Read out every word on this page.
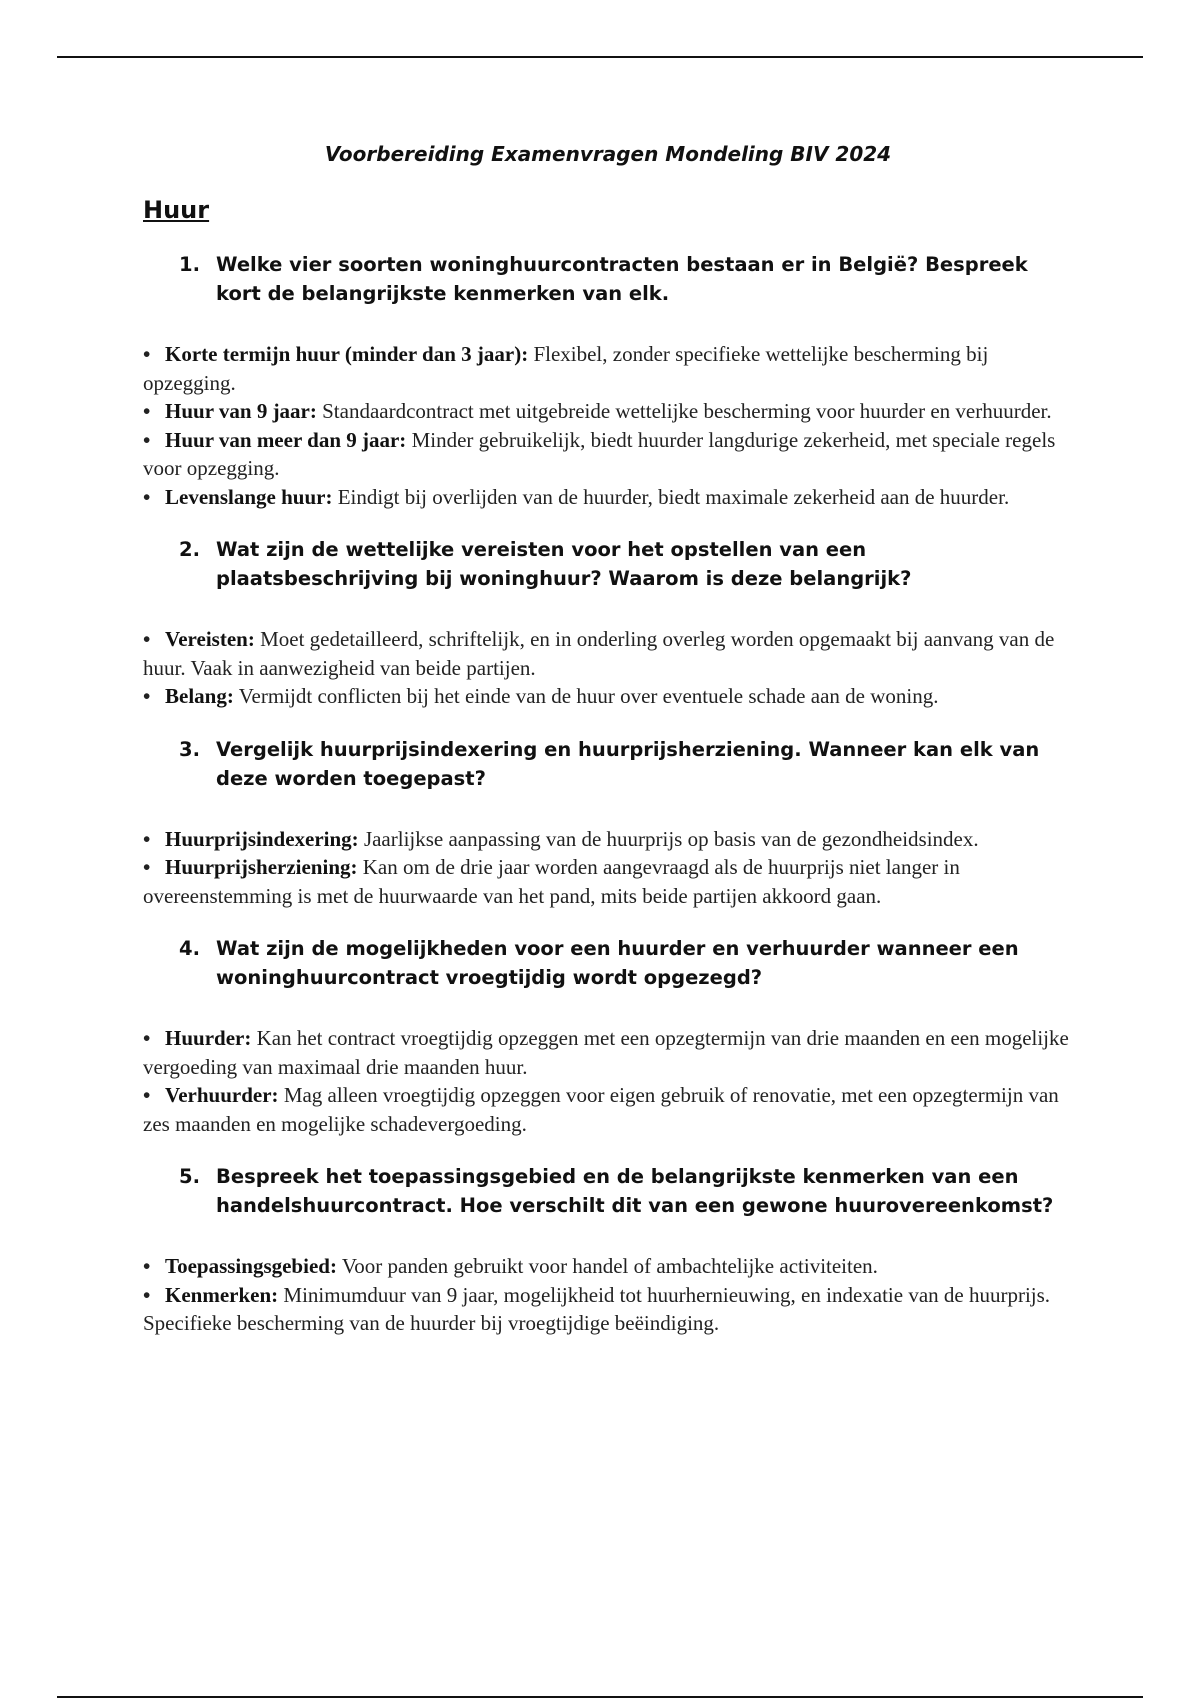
Voorbereiding Examenvragen Mondeling BIV 2024
Huur
1. Welke vier soorten woninghuurcontracten bestaan er in België? Bespreek kort de belangrijkste kenmerken van elk.
• Korte termijn huur (minder dan 3 jaar): Flexibel, zonder specifieke wettelijke bescherming bij opzegging.
• Huur van 9 jaar: Standaardcontract met uitgebreide wettelijke bescherming voor huurder en verhuurder.
• Huur van meer dan 9 jaar: Minder gebruikelijk, biedt huurder langdurige zekerheid, met speciale regels voor opzegging.
• Levenslange huur: Eindigt bij overlijden van de huurder, biedt maximale zekerheid aan de huurder.
2. Wat zijn de wettelijke vereisten voor het opstellen van een plaatsbeschrijving bij woninghuur? Waarom is deze belangrijk?
• Vereisten: Moet gedetailleerd, schriftelijk, en in onderling overleg worden opgemaakt bij aanvang van de huur. Vaak in aanwezigheid van beide partijen.
• Belang: Vermijdt conflicten bij het einde van de huur over eventuele schade aan de woning.
3. Vergelijk huurprijsindexering en huurprijsherziening. Wanneer kan elk van deze worden toegepast?
• Huurprijsindexering: Jaarlijkse aanpassing van de huurprijs op basis van de gezondheidsindex.
• Huurprijsherziening: Kan om de drie jaar worden aangevraagd als de huurprijs niet langer in overeenstemming is met de huurwaarde van het pand, mits beide partijen akkoord gaan.
4. Wat zijn de mogelijkheden voor een huurder en verhuurder wanneer een woninghuurcontract vroegtijdig wordt opgezegd?
• Huurder: Kan het contract vroegtijdig opzeggen met een opzegtermijn van drie maanden en een mogelijke vergoeding van maximaal drie maanden huur.
• Verhuurder: Mag alleen vroegtijdig opzeggen voor eigen gebruik of renovatie, met een opzegtermijn van zes maanden en mogelijke schadevergoeding.
5. Bespreek het toepassingsgebied en de belangrijkste kenmerken van een handelshuurcontract. Hoe verschilt dit van een gewone huurovereenkomst?
• Toepassingsgebied: Voor panden gebruikt voor handel of ambachtelijke activiteiten.
• Kenmerken: Minimumduur van 9 jaar, mogelijkheid tot huurhernieuwing, en indexatie van de huurprijs. Specifieke bescherming van de huurder bij vroegtijdige beëindiging.
